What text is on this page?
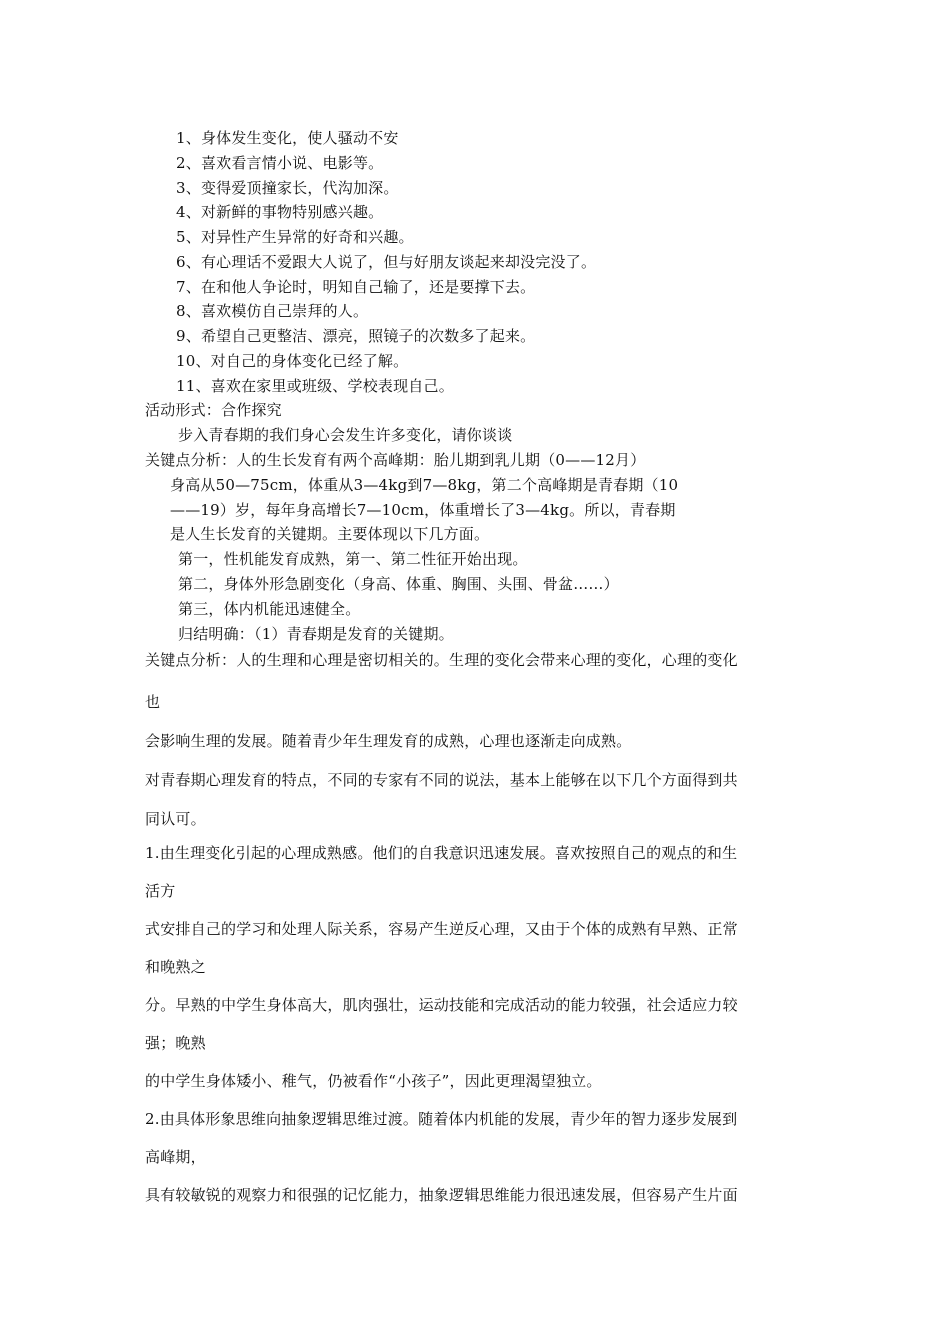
1、身体发生变化，使人骚动不安

2、喜欢看言情小说、电影等。

3、变得爱顶撞家长，代沟加深。

4、对新鲜的事物特别感兴趣。

5、对异性产生异常的好奇和兴趣。

6、有心理话不爱跟大人说了，但与好朋友谈起来却没完没了。

7、在和他人争论时，明知自己输了，还是要撑下去。

8、喜欢模仿自己崇拜的人。

9、希望自己更整洁、漂亮，照镜子的次数多了起来。

10、对自己的身体变化已经了解。

11、喜欢在家里或班级、学校表现自己。

活动形式：合作探究

步入青春期的我们身心会发生许多变化，请你谈谈

关键点分析：人的生长发育有两个高峰期：胎儿期到乳儿期（0——12月）

身高从50—75cm，体重从3—4kg到7—8kg，第二个高峰期是青春期（10

——19）岁，每年身高增长7—10cm，体重增长了3—4kg。所以，青春期

是人生长发育的关键期。主要体现以下几方面。

第一，性机能发育成熟，第一、第二性征开始出现。

第二，身体外形急剧变化（身高、体重、胸围、头围、骨盆……）

第三，体内机能迅速健全。

归结明确：（1）青春期是发育的关键期。

关键点分析：人的生理和心理是密切相关的。生理的变化会带来心理的变化，心理的变化

也

会影响生理的发展。随着青少年生理发育的成熟，心理也逐渐走向成熟。

对青春期心理发育的特点，不同的专家有不同的说法，基本上能够在以下几个方面得到共

同认可。

1.由生理变化引起的心理成熟感。他们的自我意识迅速发展。喜欢按照自己的观点的和生

活方

式安排自己的学习和处理人际关系，容易产生逆反心理，又由于个体的成熟有早熟、正常

和晚熟之

分。早熟的中学生身体高大，肌肉强壮，运动技能和完成活动的能力较强，社会适应力较

强；晚熟

的中学生身体矮小、稚气，仍被看作“小孩子”，因此更理渴望独立。

2.由具体形象思维向抽象逻辑思维过渡。随着体内机能的发展，青少年的智力逐步发展到

高峰期，

具有较敏锐的观察力和很强的记忆能力，抽象逻辑思维能力很迅速发展，但容易产生片面
